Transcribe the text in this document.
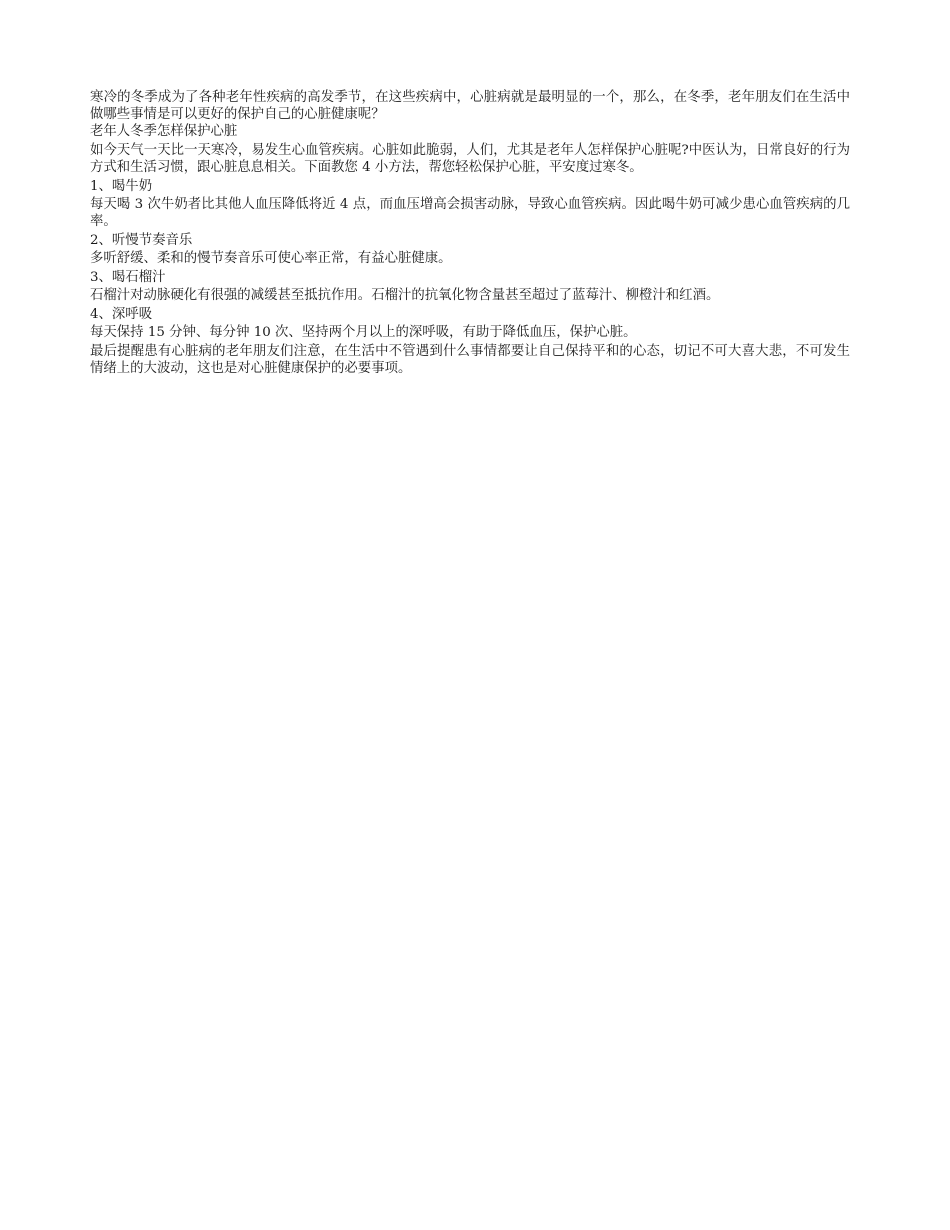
寒冷的冬季成为了各种老年性疾病的高发季节，在这些疾病中，心脏病就是最明显的一个，那么，在冬季，老年朋友们在生活中做哪些事情是可以更好的保护自己的心脏健康呢？

老年人冬季怎样保护心脏

如今天气一天比一天寒冷，易发生心血管疾病。心脏如此脆弱，人们，尤其是老年人怎样保护心脏呢?中医认为，日常良好的行为方式和生活习惯，跟心脏息息相关。下面教您 4 小方法，帮您轻松保护心脏，平安度过寒冬。

1、喝牛奶

每天喝 3 次牛奶者比其他人血压降低将近 4 点，而血压增高会损害动脉，导致心血管疾病。因此喝牛奶可减少患心血管疾病的几率。

2、听慢节奏音乐

多听舒缓、柔和的慢节奏音乐可使心率正常，有益心脏健康。

3、喝石榴汁

石榴汁对动脉硬化有很强的减缓甚至抵抗作用。石榴汁的抗氧化物含量甚至超过了蓝莓汁、柳橙汁和红酒。

4、深呼吸

每天保持 15 分钟、每分钟 10 次、坚持两个月以上的深呼吸，有助于降低血压，保护心脏。

最后提醒患有心脏病的老年朋友们注意，在生活中不管遇到什么事情都要让自己保持平和的心态，切记不可大喜大悲，不可发生情绪上的大波动，这也是对心脏健康保护的必要事项。
